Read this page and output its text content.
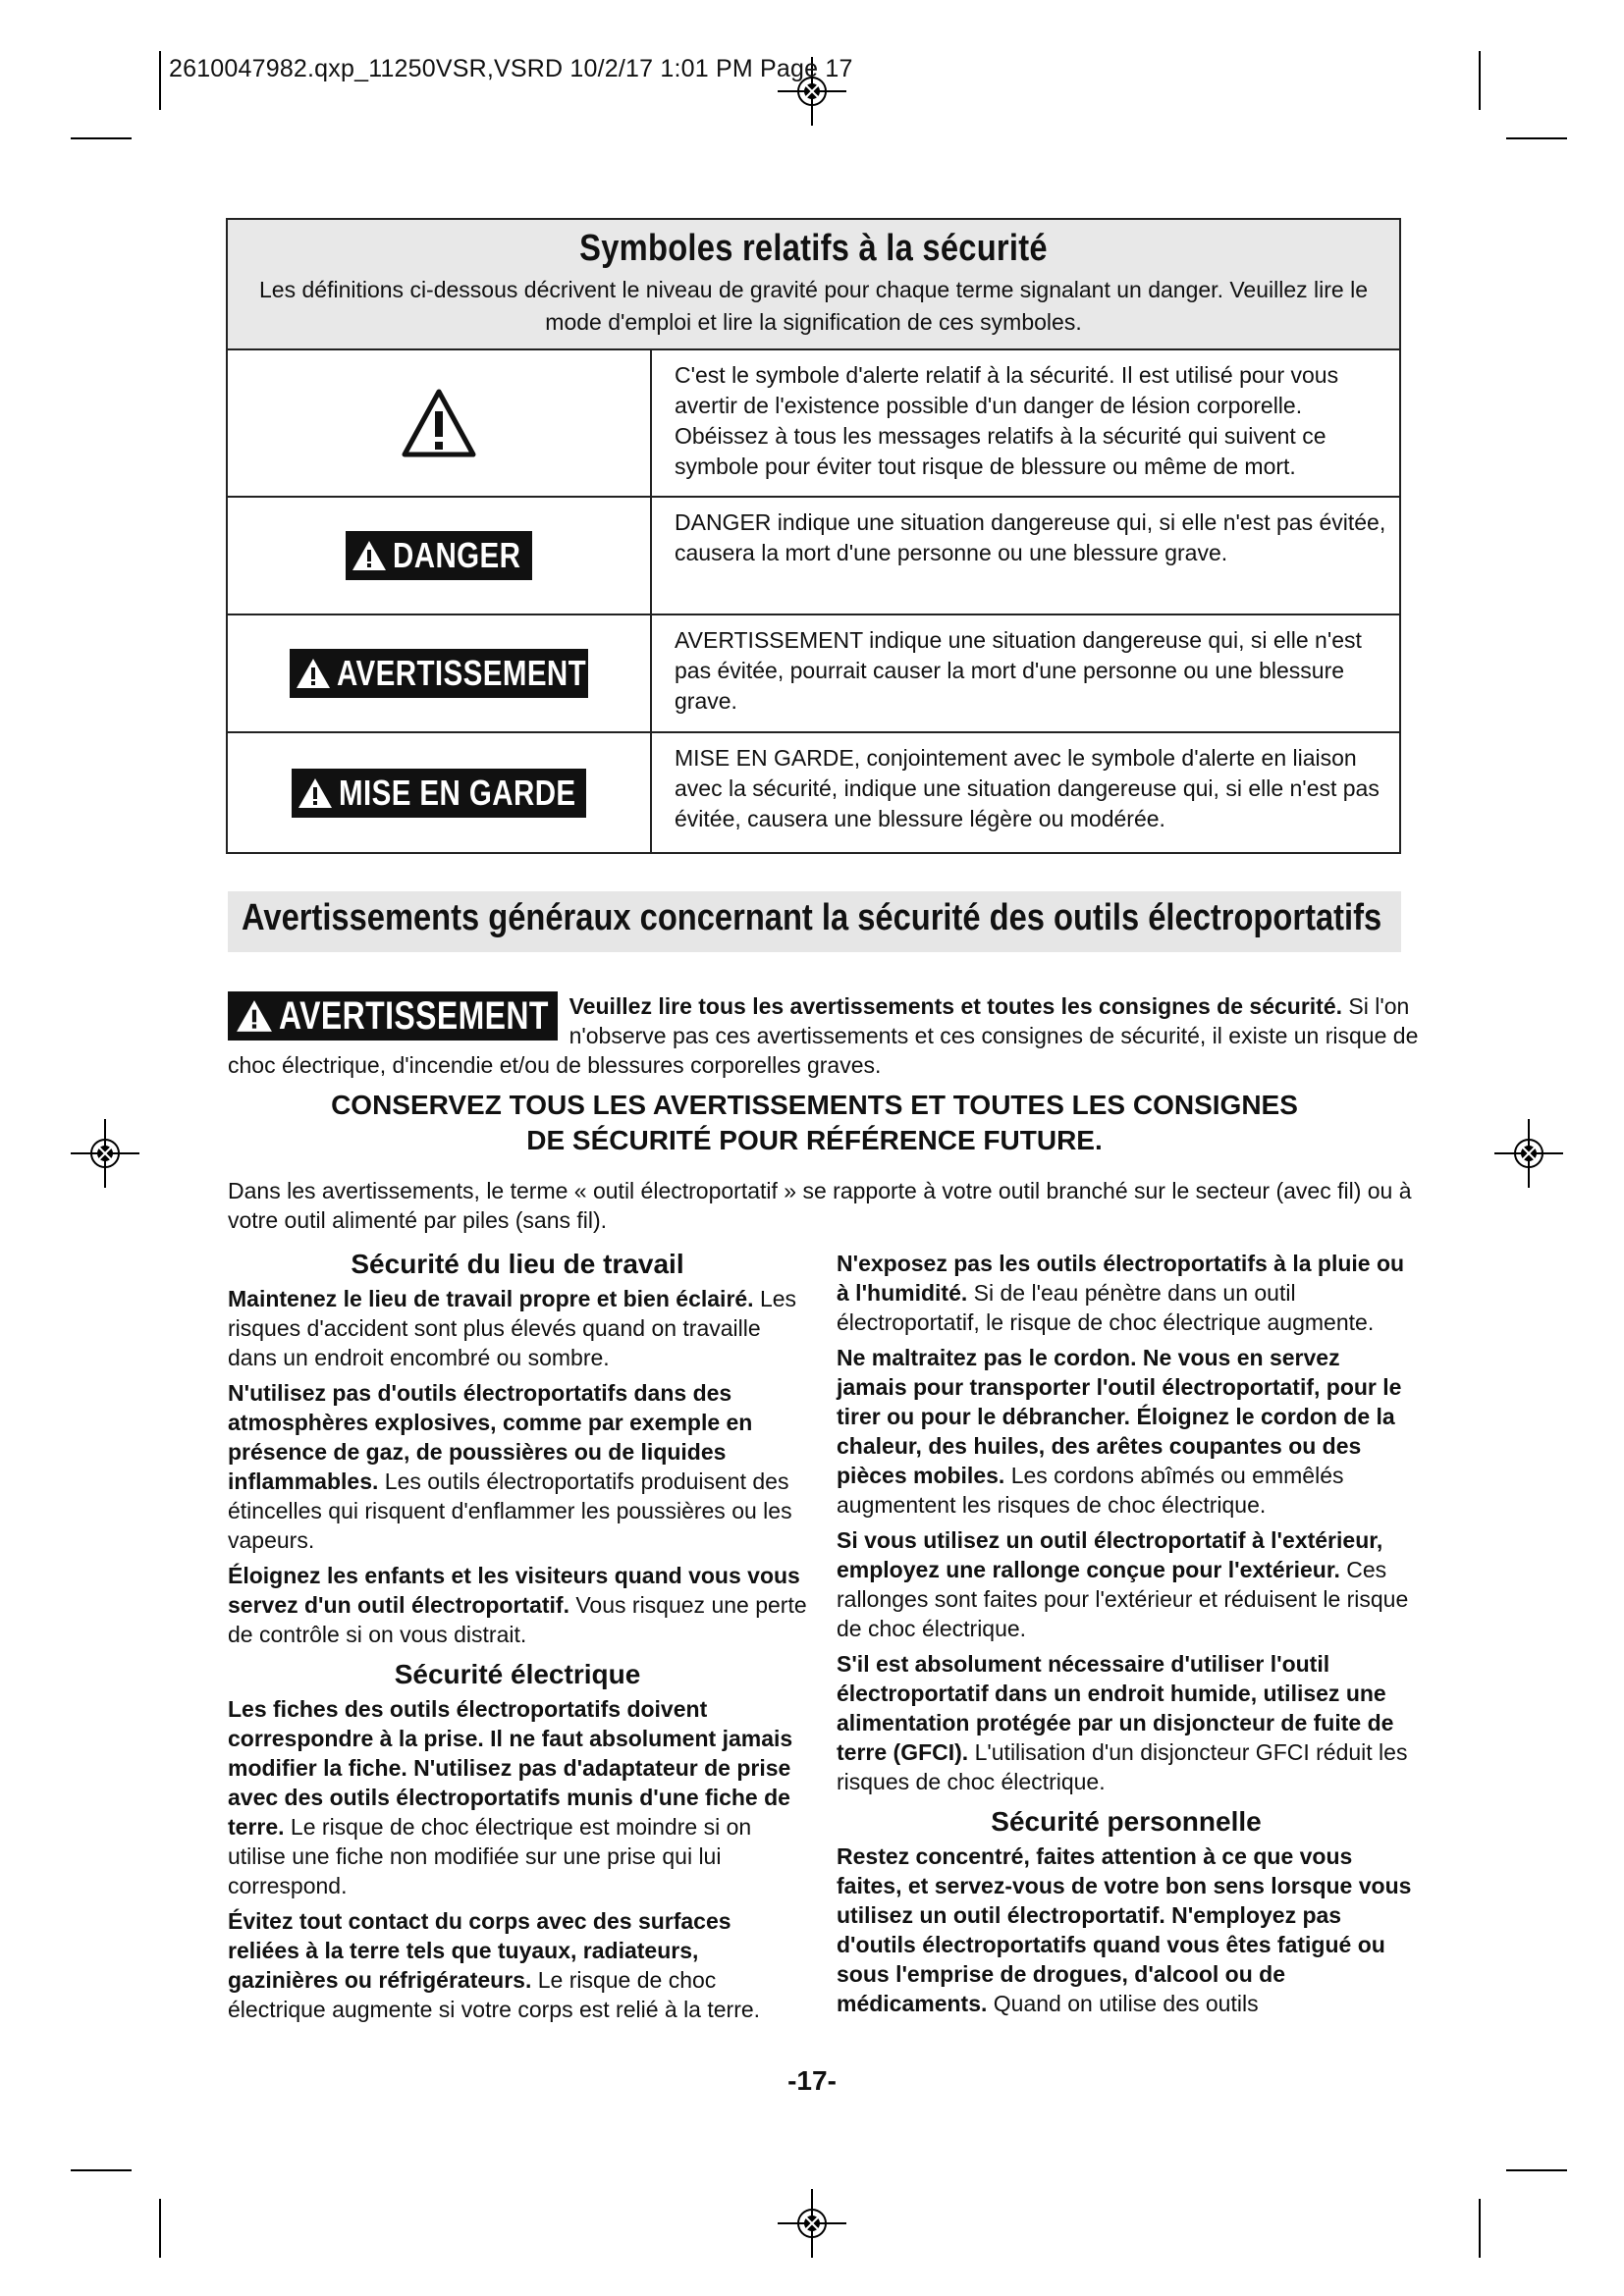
2610047982.qxp_11250VSR,VSRD 10/2/17 1:01 PM Page 17
Symboles relatifs à la sécurité
Les définitions ci-dessous décrivent le niveau de gravité pour chaque terme signalant un danger. Veuillez lire le mode d'emploi et lire la signification de ces symboles.
C'est le symbole d'alerte relatif à la sécurité. Il est utilisé pour vous avertir de l'existence possible d'un danger de lésion corporelle. Obéissez à tous les messages relatifs à la sécurité qui suivent ce symbole pour éviter tout risque de blessure ou même de mort.
DANGER
DANGER indique une situation dangereuse qui, si elle n'est pas évitée, causera la mort d'une personne ou une blessure grave.
AVERTISSEMENT
AVERTISSEMENT indique une situation dangereuse qui, si elle n'est pas évitée, pourrait causer la mort d'une personne ou une blessure grave.
MISE EN GARDE
MISE EN GARDE, conjointement avec le symbole d'alerte en liaison avec la sécurité, indique une situation dangereuse qui, si elle n'est pas évitée, causera une blessure légère ou modérée.
Avertissements généraux concernant la sécurité des outils électroportatifs
AVERTISSEMENT Veuillez lire tous les avertissements et toutes les consignes de sécurité. Si l'on n'observe pas ces avertissements et ces consignes de sécurité, il existe un risque de choc électrique, d'incendie et/ou de blessures corporelles graves.
CONSERVEZ TOUS LES AVERTISSEMENTS ET TOUTES LES CONSIGNES
DE SÉCURITÉ POUR RÉFÉRENCE FUTURE.
Dans les avertissements, le terme « outil électroportatif » se rapporte à votre outil branché sur le secteur (avec fil) ou à votre outil alimenté par piles (sans fil).
Sécurité du lieu de travail
Maintenez le lieu de travail propre et bien éclairé. Les risques d'accident sont plus élevés quand on travaille dans un endroit encombré ou sombre.
N'utilisez pas d'outils électroportatifs dans des atmosphères explosives, comme par exemple en présence de gaz, de poussières ou de liquides inflammables. Les outils électroportatifs produisent des étincelles qui risquent d'enflammer les poussières ou les vapeurs.
Éloignez les enfants et les visiteurs quand vous vous servez d'un outil électroportatif. Vous risquez une perte de contrôle si on vous distrait.
Sécurité électrique
Les fiches des outils électroportatifs doivent correspondre à la prise. Il ne faut absolument jamais modifier la fiche. N'utilisez pas d'adaptateur de prise avec des outils électroportatifs munis d'une fiche de terre. Le risque de choc électrique est moindre si on utilise une fiche non modifiée sur une prise qui lui correspond.
Évitez tout contact du corps avec des surfaces reliées à la terre tels que tuyaux, radiateurs, gazinières ou réfrigérateurs. Le risque de choc électrique augmente si votre corps est relié à la terre.
N'exposez pas les outils électroportatifs à la pluie ou à l'humidité. Si de l'eau pénètre dans un outil électroportatif, le risque de choc électrique augmente.
Ne maltraitez pas le cordon. Ne vous en servez jamais pour transporter l'outil électroportatif, pour le tirer ou pour le débrancher. Éloignez le cordon de la chaleur, des huiles, des arêtes coupantes ou des pièces mobiles. Les cordons abîmés ou emmêlés augmentent les risques de choc électrique.
Si vous utilisez un outil électroportatif à l'extérieur, employez une rallonge conçue pour l'extérieur. Ces rallonges sont faites pour l'extérieur et réduisent le risque de choc électrique.
S'il est absolument nécessaire d'utiliser l'outil électroportatif dans un endroit humide, utilisez une alimentation protégée par un disjoncteur de fuite de terre (GFCI). L'utilisation d'un disjoncteur GFCI réduit les risques de choc électrique.
Sécurité personnelle
Restez concentré, faites attention à ce que vous faites, et servez-vous de votre bon sens lorsque vous utilisez un outil électroportatif. N'employez pas d'outils électroportatifs quand vous êtes fatigué ou sous l'emprise de drogues, d'alcool ou de médicaments. Quand on utilise des outils
-17-
